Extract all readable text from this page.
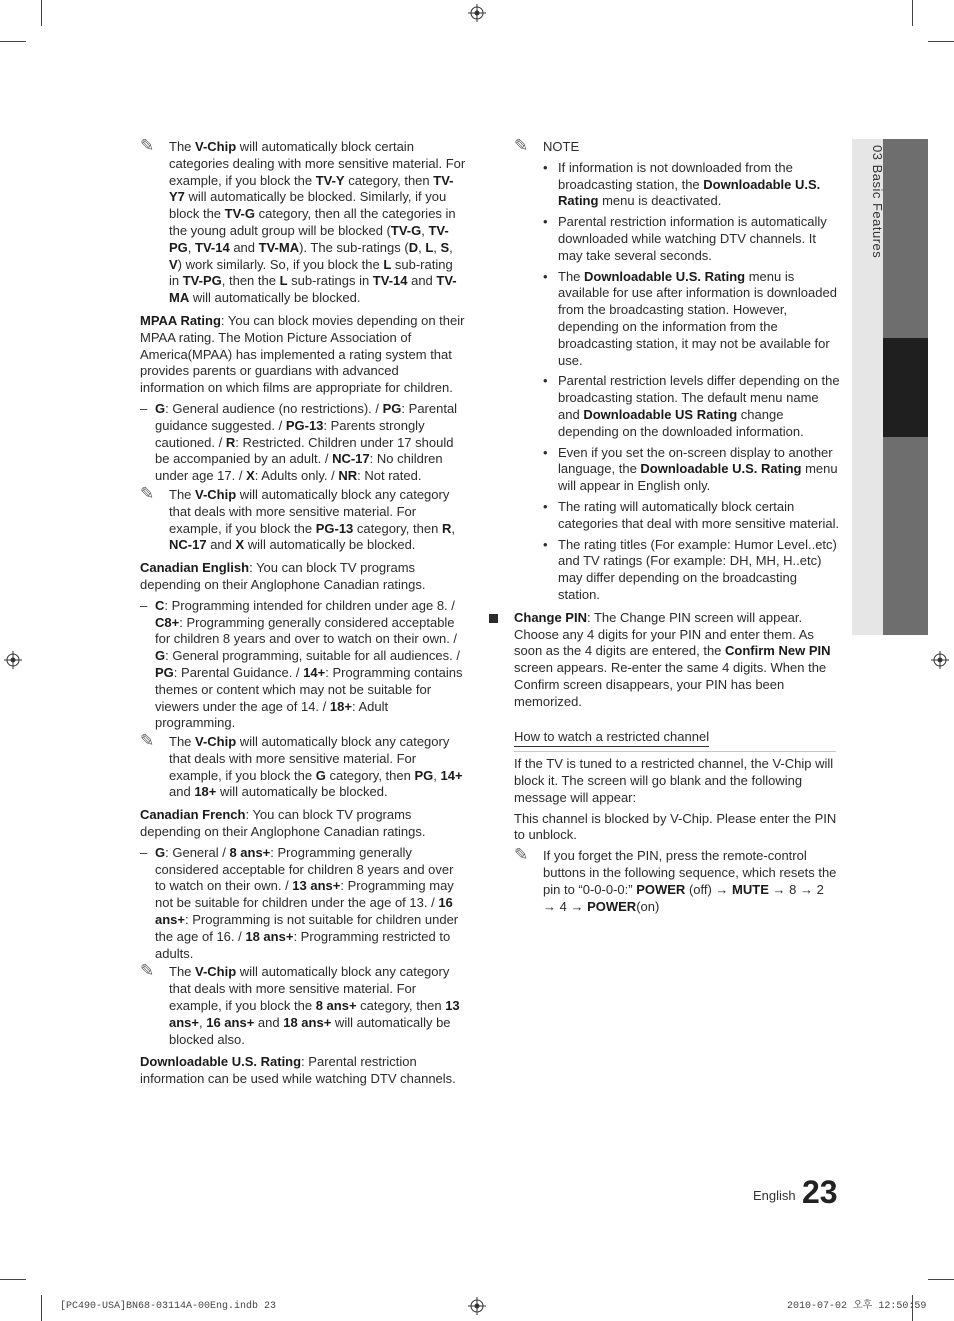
✎ The V-Chip will automatically block certain categories dealing with more sensitive material. For example, if you block the TV-Y category, then TV-Y7 will automatically be blocked. Similarly, if you block the TV-G category, then all the categories in the young adult group will be blocked (TV-G, TV-PG, TV-14 and TV-MA). The sub-ratings (D, L, S, V) work similarly. So, if you block the L sub-rating in TV-PG, then the L sub-ratings in TV-14 and TV-MA will automatically be blocked.
MPAA Rating: You can block movies depending on their MPAA rating. The Motion Picture Association of America(MPAA) has implemented a rating system that provides parents or guardians with advanced information on which films are appropriate for children.
– G: General audience (no restrictions). / PG: Parental guidance suggested. / PG-13: Parents strongly cautioned. / R: Restricted. Children under 17 should be accompanied by an adult. / NC-17: No children under age 17. / X: Adults only. / NR: Not rated.
✎ The V-Chip will automatically block any category that deals with more sensitive material. For example, if you block the PG-13 category, then R, NC-17 and X will automatically be blocked.
Canadian English: You can block TV programs depending on their Anglophone Canadian ratings.
– C: Programming intended for children under age 8. / C8+: Programming generally considered acceptable for children 8 years and over to watch on their own. / G: General programming, suitable for all audiences. / PG: Parental Guidance. / 14+: Programming contains themes or content which may not be suitable for viewers under the age of 14. / 18+: Adult programming.
✎ The V-Chip will automatically block any category that deals with more sensitive material. For example, if you block the G category, then PG, 14+ and 18+ will automatically be blocked.
Canadian French: You can block TV programs depending on their Anglophone Canadian ratings.
– G: General / 8 ans+: Programming generally considered acceptable for children 8 years and over to watch on their own. / 13 ans+: Programming may not be suitable for children under the age of 13. / 16 ans+: Programming is not suitable for children under the age of 16. / 18 ans+: Programming restricted to adults.
✎ The V-Chip will automatically block any category that deals with more sensitive material. For example, if you block the 8 ans+ category, then 13 ans+, 16 ans+ and 18 ans+ will automatically be blocked also.
Downloadable U.S. Rating: Parental restriction information can be used while watching DTV channels.
✎ NOTE
• If information is not downloaded from the broadcasting station, the Downloadable U.S. Rating menu is deactivated.
• Parental restriction information is automatically downloaded while watching DTV channels. It may take several seconds.
• The Downloadable U.S. Rating menu is available for use after information is downloaded from the broadcasting station. However, depending on the information from the broadcasting station, it may not be available for use.
• Parental restriction levels differ depending on the broadcasting station. The default menu name and Downloadable US Rating change depending on the downloaded information.
• Even if you set the on-screen display to another language, the Downloadable U.S. Rating menu will appear in English only.
• The rating will automatically block certain categories that deal with more sensitive material.
• The rating titles (For example: Humor Level..etc) and TV ratings (For example: DH, MH, H..etc) may differ depending on the broadcasting station.
Change PIN: The Change PIN screen will appear. Choose any 4 digits for your PIN and enter them. As soon as the 4 digits are entered, the Confirm New PIN screen appears. Re-enter the same 4 digits. When the Confirm screen disappears, your PIN has been memorized.
How to watch a restricted channel
If the TV is tuned to a restricted channel, the V-Chip will block it. The screen will go blank and the following message will appear:
This channel is blocked by V-Chip. Please enter the PIN to unblock.
✎ If you forget the PIN, press the remote-control buttons in the following sequence, which resets the pin to “0-0-0-0:” POWER (off) → MUTE → 8 → 2 → 4 → POWER(on)
03 Basic Features
English 23
[PC490-USA]BN68-03114A-00Eng.indb 23	2010-07-02 오후 12:50:59
